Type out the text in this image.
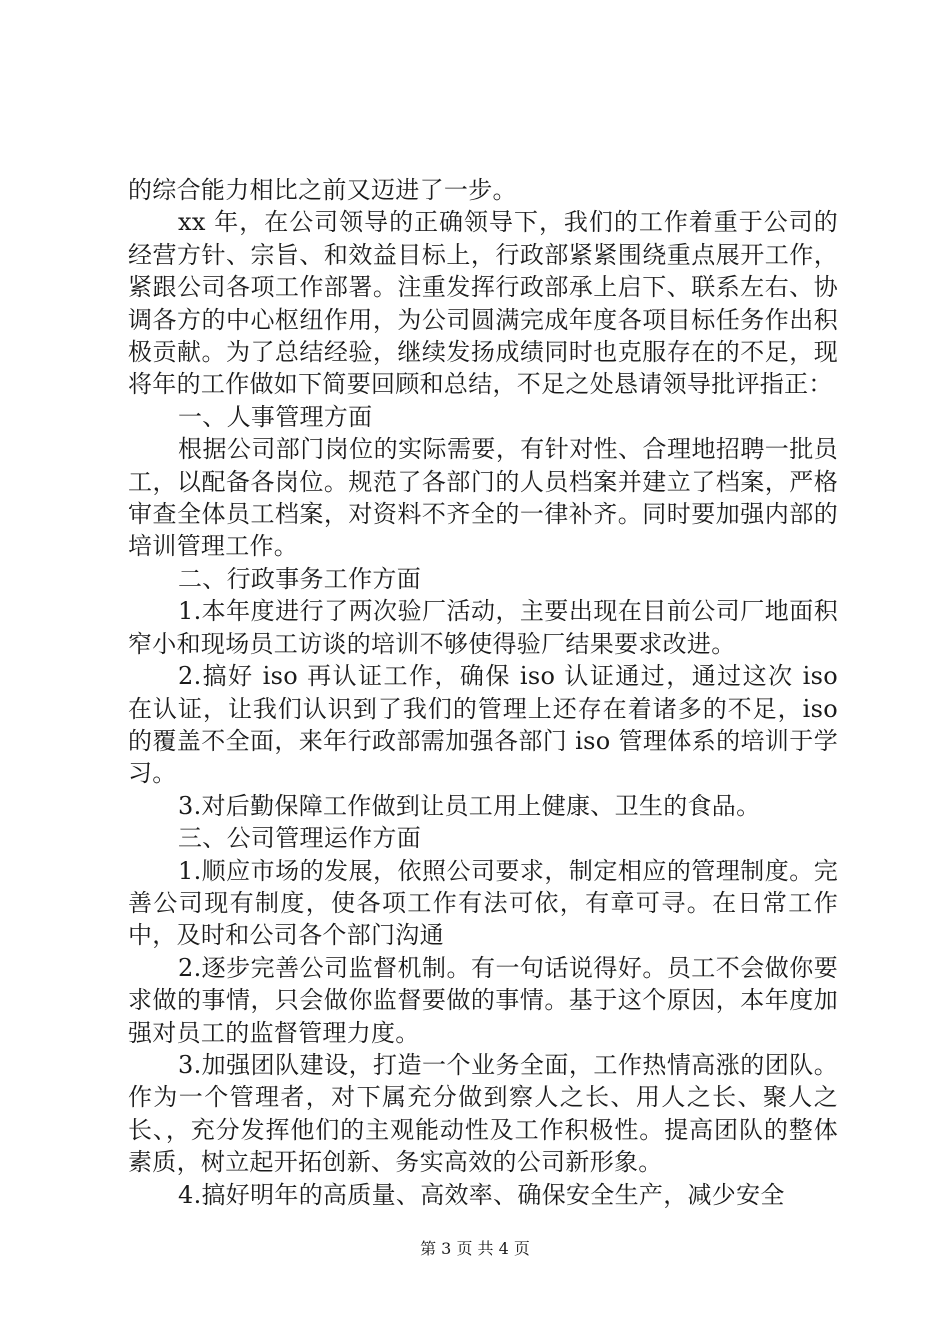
的综合能力相比之前又迈进了一步。

xx 年，在公司领导的正确领导下，我们的工作着重于公司的经营方针、宗旨、和效益目标上，行政部紧紧围绕重点展开工作，紧跟公司各项工作部署。注重发挥行政部承上启下、联系左右、协调各方的中心枢纽作用，为公司圆满完成年度各项目标任务作出积极贡献。为了总结经验，继续发扬成绩同时也克服存在的不足，现将年的工作做如下简要回顾和总结，不足之处恳请领导批评指正：

一、人事管理方面

根据公司部门岗位的实际需要，有针对性、合理地招聘一批员工，以配备各岗位。规范了各部门的人员档案并建立了档案，严格审查全体员工档案，对资料不齐全的一律补齐。同时要加强内部的培训管理工作。

二、行政事务工作方面

1.本年度进行了两次验厂活动，主要出现在目前公司厂地面积窄小和现场员工访谈的培训不够使得验厂结果要求改进。

2.搞好 iso 再认证工作，确保 iso 认证通过，通过这次 iso 在认证，让我们认识到了我们的管理上还存在着诸多的不足，iso 的覆盖不全面，来年行政部需加强各部门 iso 管理体系的培训于学习。

3.对后勤保障工作做到让员工用上健康、卫生的食品。

三、公司管理运作方面

1.顺应市场的发展，依照公司要求，制定相应的管理制度。完善公司现有制度，使各项工作有法可依，有章可寻。在日常工作中，及时和公司各个部门沟通

2.逐步完善公司监督机制。有一句话说得好。员工不会做你要求做的事情，只会做你监督要做的事情。基于这个原因，本年度加强对员工的监督管理力度。

3.加强团队建设，打造一个业务全面，工作热情高涨的团队。作为一个管理者，对下属充分做到察人之长、用人之长、聚人之长、，充分发挥他们的主观能动性及工作积极性。提高团队的整体素质，树立起开拓创新、务实高效的公司新形象。

4.搞好明年的高质量、高效率、确保安全生产，减少安全

第 3 页 共 4 页
